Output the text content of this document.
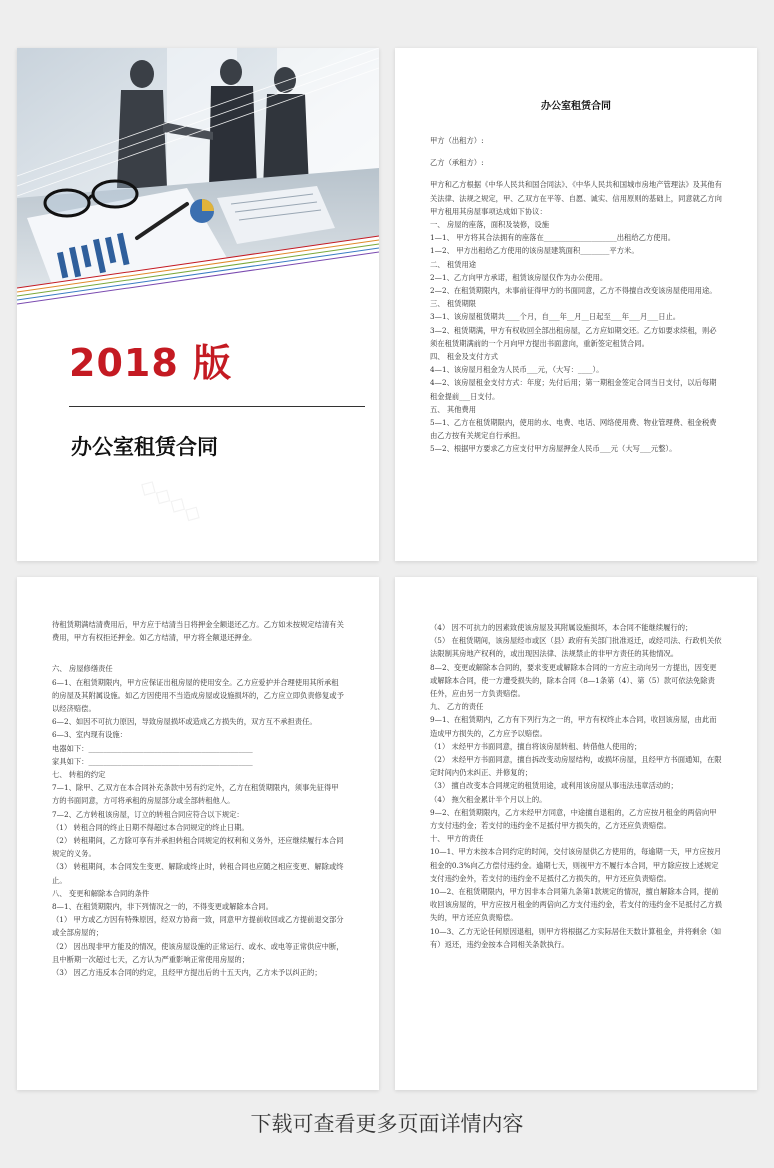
2018 版
办公室租赁合同
◇◇◇◇
办公室租赁合同

甲方（出租方）:

乙方（承租方）:

甲方和乙方根据《中华人民共和国合同法》、《中华人民共和国城市房地产管理法》及其他有关法律、法规之规定，甲、乙双方在平等、自愿、诚实、信用原则的基础上，同意就乙方向甲方租用其房屋事项达成如下协议：

一、 房屋的座落，面积及装修，设施

1—1、 甲方将其合法拥有的座落在____________________出租给乙方使用。

1—2、 甲方出租给乙方使用的该房屋建筑面积________平方米。

二、 租赁用途

2—1、乙方向甲方承诺，租赁该房屋仅作为办公使用。

2—2、在租赁期限内，未事前征得甲方的书面同意，乙方不得擅自改变该房屋使用用途。

三、 租赁期限

3—1、该房屋租赁期共____个月，自___年__月__日起至___年___月___日止。

3—2、租赁期满，甲方有权收回全部出租房屋，乙方应如期交还。乙方如要求续租，则必须在租赁期满前的一个月向甲方提出书面意向，重新签定租赁合同。

四、 租金及支付方式

4—1、该房屋月租金为人民币___元，（大写：____）。

4—2、该房屋租金支付方式：年度；先付后用；第一期租金签定合同当日支付，以后每期租金提前___日支付。

五、 其他费用

5—1、乙方在租赁期限内，使用的水、电费、电话、网络使用费、物业管理费、租金税费由乙方按有关规定自行承担。

5—2、根据甲方要求乙方应支付甲方房屋押金人民币___元（大写___元整）。

待租赁期满结清费用后，甲方应于结清当日将押金全额退还乙方。乙方如未按规定结清有关费用，甲方有权拒还押金。如乙方结清，甲方将全额退还押金。

六、 房屋修缮责任

6—1、在租赁期限内，甲方应保证出租房屋的使用安全。乙方应爱护并合理使用其所承租的房屋及其附属设施。如乙方因使用不当造成房屋或设施损坏的，乙方应立即负责修复或予以经济赔偿。

6—2、如因不可抗力原因，导致房屋损坏或造成乙方损失的，双方互不承担责任。

6—3、室内现有设施：

电器如下：_____________________________________________

家具如下：_____________________________________________

七、 转租的约定

7—1、除甲、乙双方在本合同补充条款中另有约定外，乙方在租赁期限内，须事先征得甲方的书面同意，方可将承租的房屋部分或全部转租他人。

7—2、乙方转租该房屋，订立的转租合同应符合以下规定：

（1） 转租合同的终止日期不得超过本合同规定的终止日期。

（2） 转租期间，乙方除可享有并承担转租合同规定的权利和义务外，还应继续履行本合同规定的义务。

（3） 转租期间，本合同发生变更、解除或终止时，转租合同也应随之相应变更、解除或终止。

八、 变更和解除本合同的条件

8—1、在租赁期限内，非下列情况之一的，不得变更或解除本合同。

（1） 甲方或乙方因有特殊原因，经双方协商一致，同意甲方提前收回或乙方提前退交部分或全部房屋的；

（2） 因出现非甲方能及的情况，使该房屋设施的正常运行、或水、或电等正常供应中断，且中断期一次超过七天，乙方认为严重影响正常使用房屋的；

（3） 因乙方违反本合同的约定，且经甲方提出后的十五天内，乙方未予以纠正的；

（4） 因不可抗力的因素致使该房屋及其附属设施损坏，本合同不能继续履行的；

（5） 在租赁期间，该房屋经市或区（县）政府有关部门批准返迁，或经司法、行政机关依法限制其房地产权利的，或出现因法律、法规禁止的非甲方责任的其他情况。

8—2、变更或解除本合同的，要求变更或解除本合同的一方应主动向另一方提出，因变更或解除本合同，使一方遭受损失的，除本合同（8—1条第（4）、第（5）款可依法免除责任外，应由另一方负责赔偿。

九、 乙方的责任

9—1、在租赁期内，乙方有下列行为之一的，甲方有权终止本合同，收回该房屋，由此而造成甲方损失的，乙方应予以赔偿。

（1） 未经甲方书面同意，擅自将该房屋转租、转借他人使用的；

（2） 未经甲方书面同意，擅自拆改变动房屋结构，或损坏房屋，且经甲方书面通知，在限定时间内仍未纠正、并修复的；

（3） 擅自改变本合同规定的租赁用途，或利用该房屋从事违法违章活动的；

（4） 拖欠租金累计半个月以上的。

9—2、在租赁期限内，乙方未经甲方同意，中途擅自退租的，乙方应按月租金的两倍向甲方支付违约金；若支付的违约金不足抵付甲方损失的，乙方还应负责赔偿。

十、 甲方的责任

10—1、甲方未按本合同约定的时间，交付该房屋供乙方使用的，每逾期一天，甲方应按月租金的0.3%向乙方偿付违约金。逾期七天，则视甲方不履行本合同，甲方除应按上述规定支付违约金外，若支付的违约金不足抵付乙方损失的，甲方还应负责赔偿。

10—2、在租赁期限内，甲方因非本合同第九条第1款规定的情况，擅自解除本合同，提前收回该房屋的，甲方应按月租金的两倍向乙方支付违约金，若支付的违约金不足抵付乙方损失的，甲方还应负责赔偿。

10—3、乙方无论任何原因退租，则甲方将根据乙方实际居住天数计算租金，并将剩余（如有）返还，违约金按本合同相关条款执行。

下载可查看更多页面详情内容
